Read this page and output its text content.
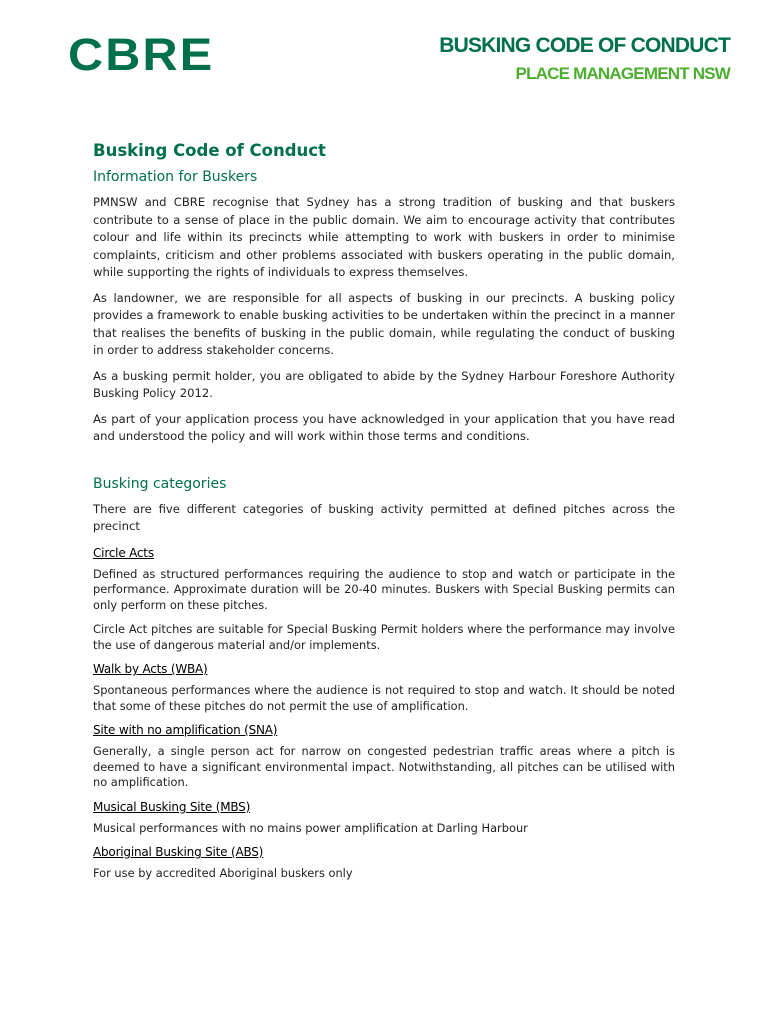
CBRE	BUSKING CODE OF CONDUCT
PLACE MANAGEMENT NSW
Busking Code of Conduct
Information for Buskers

PMNSW and CBRE recognise that Sydney has a strong tradition of busking and that buskers contribute to a sense of place in the public domain. We aim to encourage activity that contributes colour and life within its precincts while attempting to work with buskers in order to minimise complaints, criticism and other problems associated with buskers operating in the public domain, while supporting the rights of individuals to express themselves.

As landowner, we are responsible for all aspects of busking in our precincts. A busking policy provides a framework to enable busking activities to be undertaken within the precinct in a manner that realises the benefits of busking in the public domain, while regulating the conduct of busking in order to address stakeholder concerns.

As a busking permit holder, you are obligated to abide by the Sydney Harbour Foreshore Authority Busking Policy 2012.

As part of your application process you have acknowledged in your application that you have read and understood the policy and will work within those terms and conditions.

Busking categories

There are five different categories of busking activity permitted at defined pitches across the precinct

Circle Acts

Defined as structured performances requiring the audience to stop and watch or participate in the performance. Approximate duration will be 20-40 minutes. Buskers with Special Busking permits can only perform on these pitches.

Circle Act pitches are suitable for Special Busking Permit holders where the performance may involve the use of dangerous material and/or implements.

Walk by Acts (WBA)

Spontaneous performances where the audience is not required to stop and watch. It should be noted that some of these pitches do not permit the use of amplification.

Site with no amplification (SNA)

Generally, a single person act for narrow on congested pedestrian traffic areas where a pitch is deemed to have a significant environmental impact. Notwithstanding, all pitches can be utilised with no amplification.

Musical Busking Site (MBS)

Musical performances with no mains power amplification at Darling Harbour

Aboriginal Busking Site (ABS)

For use by accredited Aboriginal buskers only
